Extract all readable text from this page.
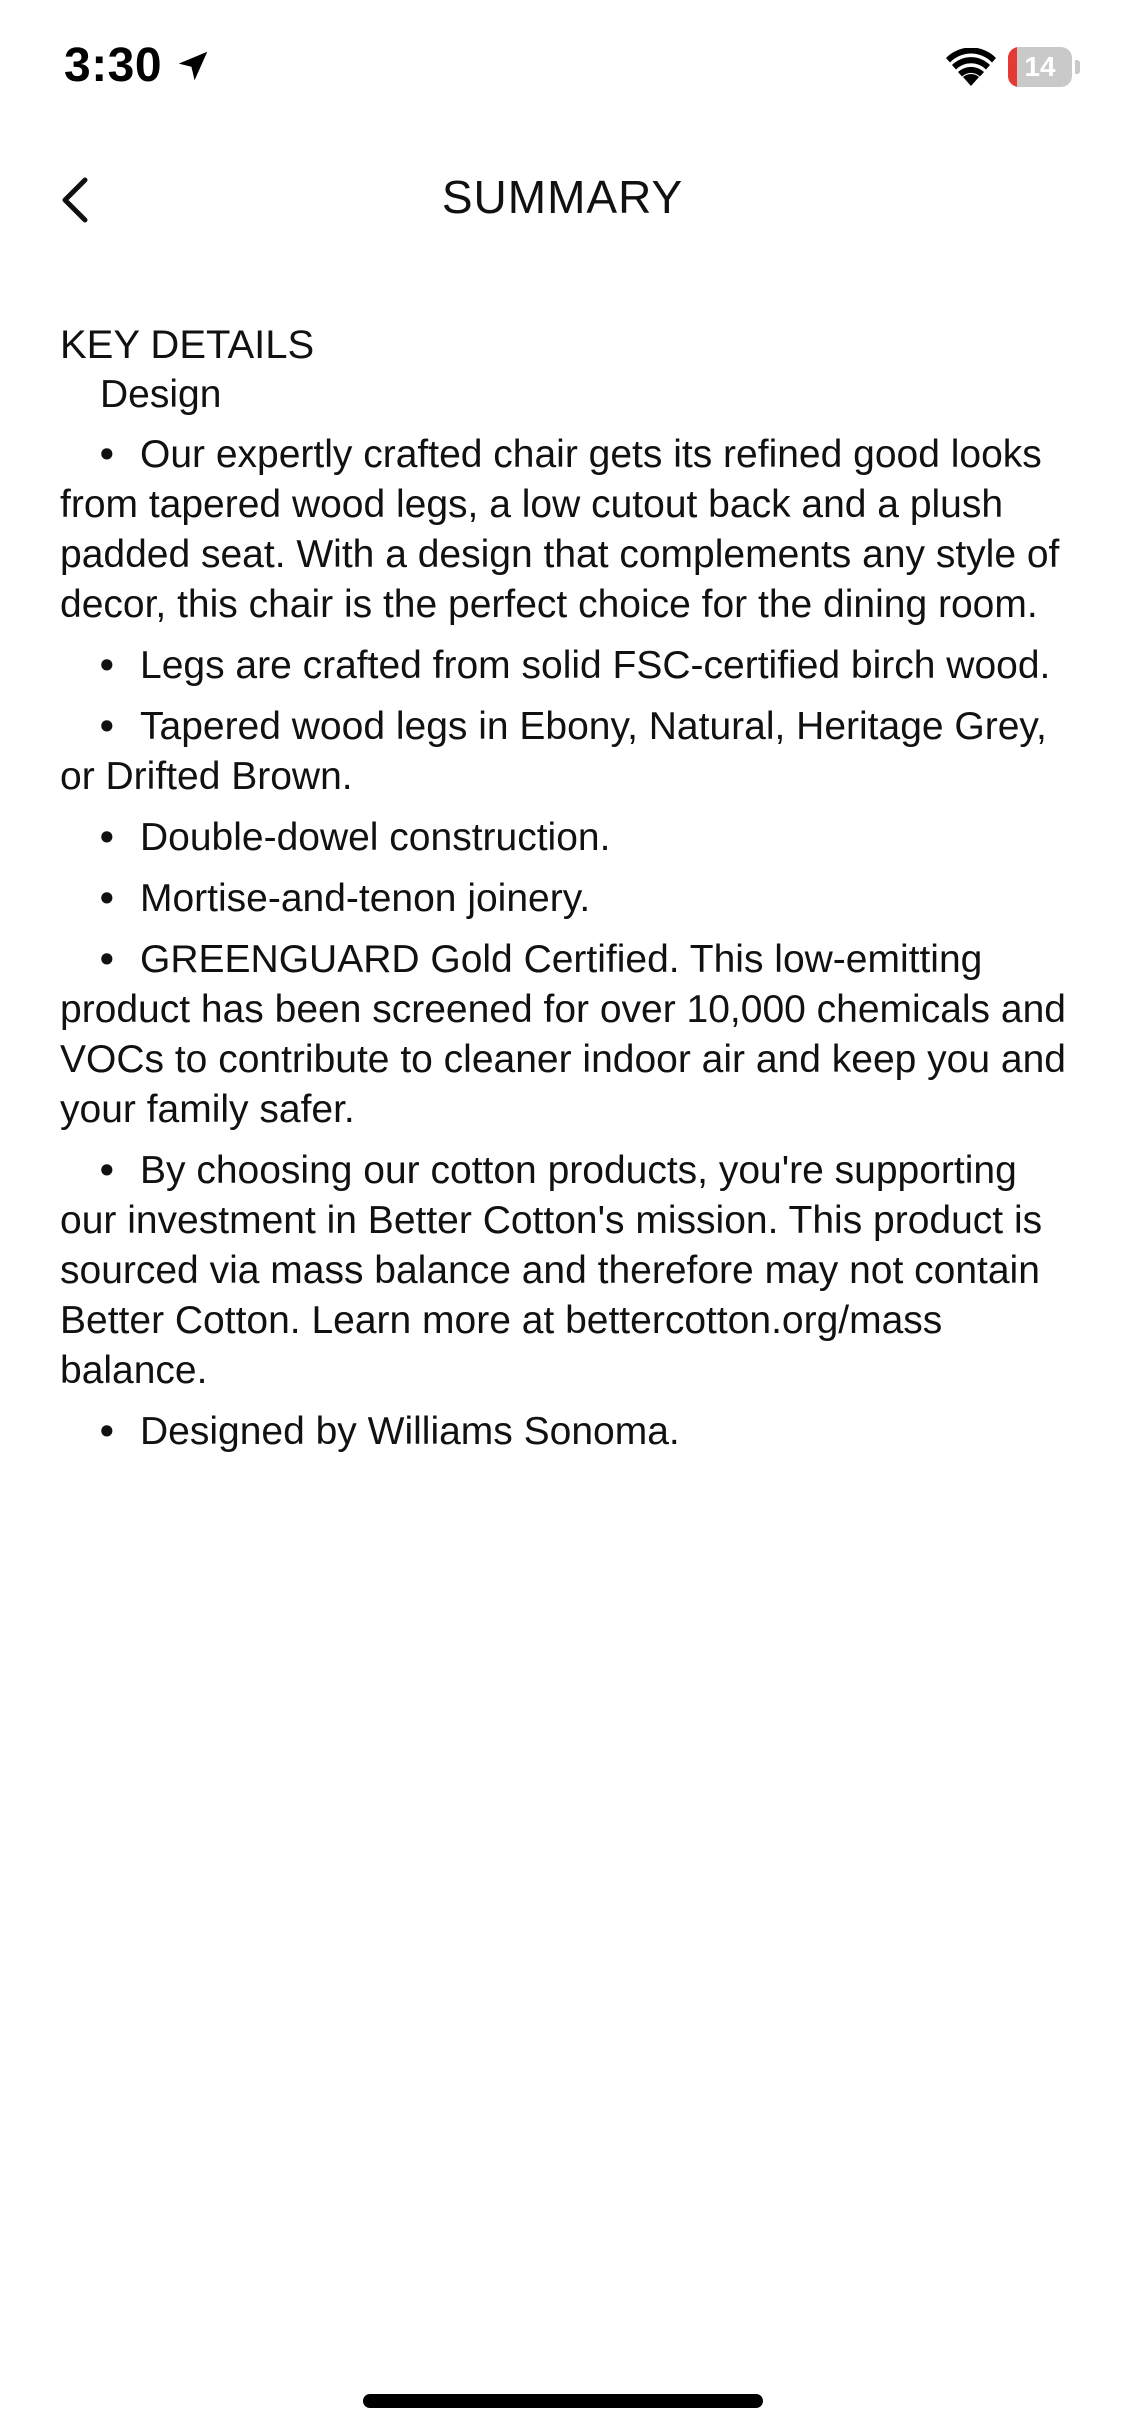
3:30	14
SUMMARY
KEY DETAILS
Design
• Our expertly crafted chair gets its refined good looks from tapered wood legs, a low cutout back and a plush padded seat. With a design that complements any style of decor, this chair is the perfect choice for the dining room.
• Legs are crafted from solid FSC-certified birch wood.
• Tapered wood legs in Ebony, Natural, Heritage Grey, or Drifted Brown.
• Double-dowel construction.
• Mortise-and-tenon joinery.
• GREENGUARD Gold Certified. This low-emitting product has been screened for over 10,000 chemicals and VOCs to contribute to cleaner indoor air and keep you and your family safer.
• By choosing our cotton products, you're supporting our investment in Better Cotton's mission. This product is sourced via mass balance and therefore may not contain Better Cotton. Learn more at bettercotton.org/mass balance.
• Designed by Williams Sonoma.
